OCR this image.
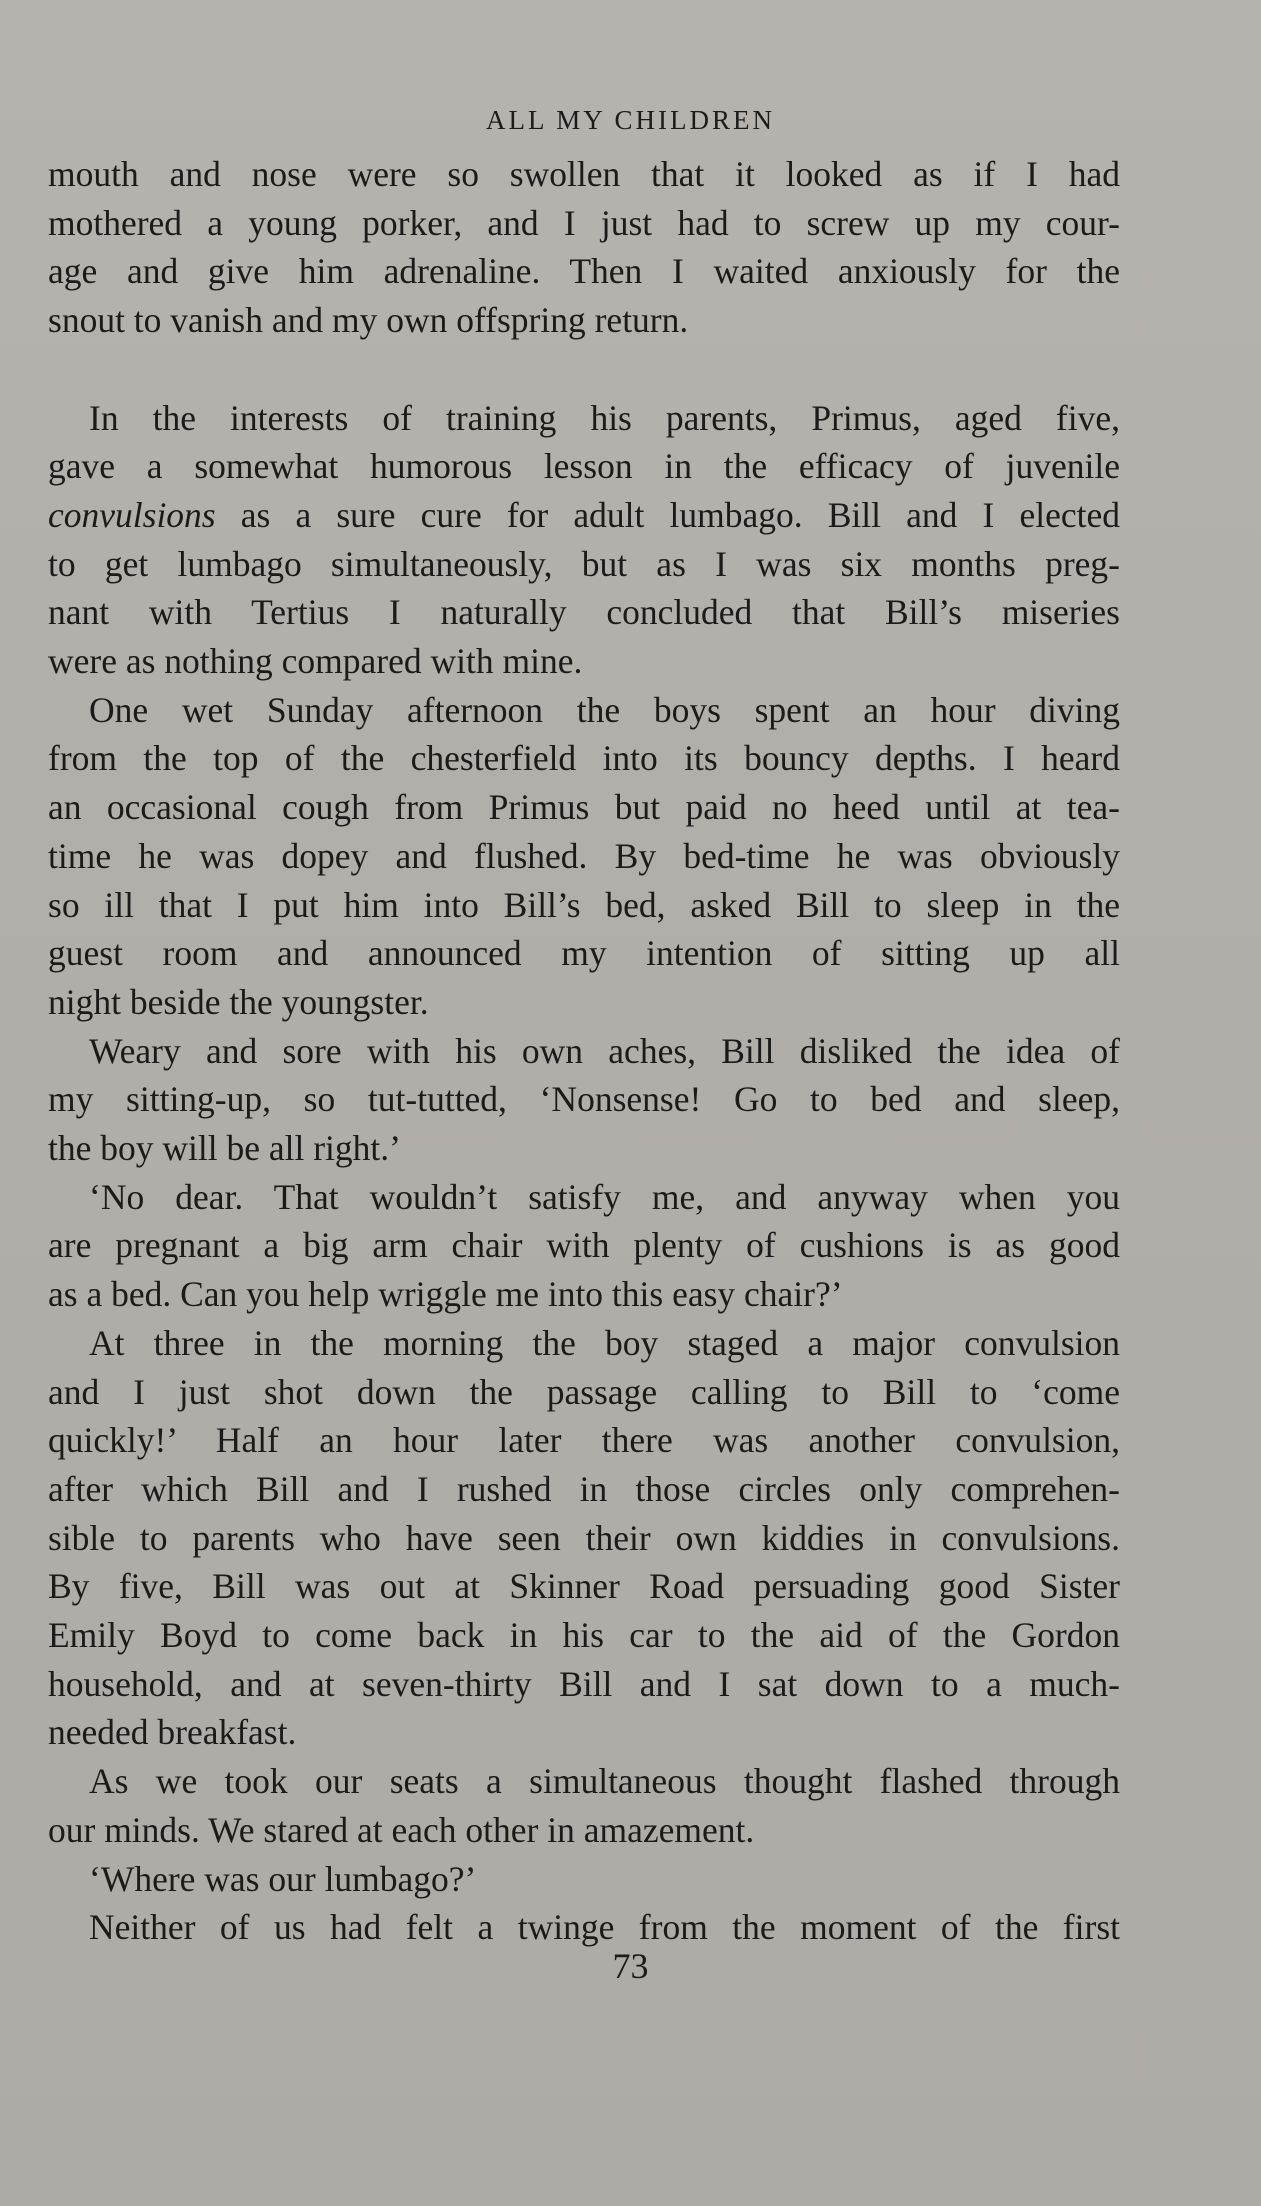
ALL MY CHILDREN

mouth and nose were so swollen that it looked as if I had

mothered a young porker, and I just had to screw up my cour-

age and give him adrenaline. Then I waited anxiously for the

snout to vanish and my own offspring return.

In the interests of training his parents, Primus, aged five,

gave a somewhat humorous lesson in the efficacy of juvenile

convulsions as a sure cure for adult lumbago. Bill and I elected

to get lumbago simultaneously, but as I was six months preg-

nant with Tertius I naturally concluded that Bill’s miseries

were as nothing compared with mine.

One wet Sunday afternoon the boys spent an hour diving

from the top of the chesterfield into its bouncy depths. I heard

an occasional cough from Primus but paid no heed until at tea-

time he was dopey and flushed. By bed-time he was obviously

so ill that I put him into Bill’s bed, asked Bill to sleep in the

guest room and announced my intention of sitting up all

night beside the youngster.

Weary and sore with his own aches, Bill disliked the idea of

my sitting-up, so tut-tutted, ‘Nonsense! Go to bed and sleep,

the boy will be all right.’

‘No dear. That wouldn’t satisfy me, and anyway when you

are pregnant a big arm chair with plenty of cushions is as good

as a bed. Can you help wriggle me into this easy chair?’

At three in the morning the boy staged a major convulsion

and I just shot down the passage calling to Bill to ‘come

quickly!’ Half an hour later there was another convulsion,

after which Bill and I rushed in those circles only comprehen-

sible to parents who have seen their own kiddies in convulsions.

By five, Bill was out at Skinner Road persuading good Sister

Emily Boyd to come back in his car to the aid of the Gordon

household, and at seven-thirty Bill and I sat down to a much-

needed breakfast.

As we took our seats a simultaneous thought flashed through

our minds. We stared at each other in amazement.

‘Where was our lumbago?’

Neither of us had felt a twinge from the moment of the first

73
